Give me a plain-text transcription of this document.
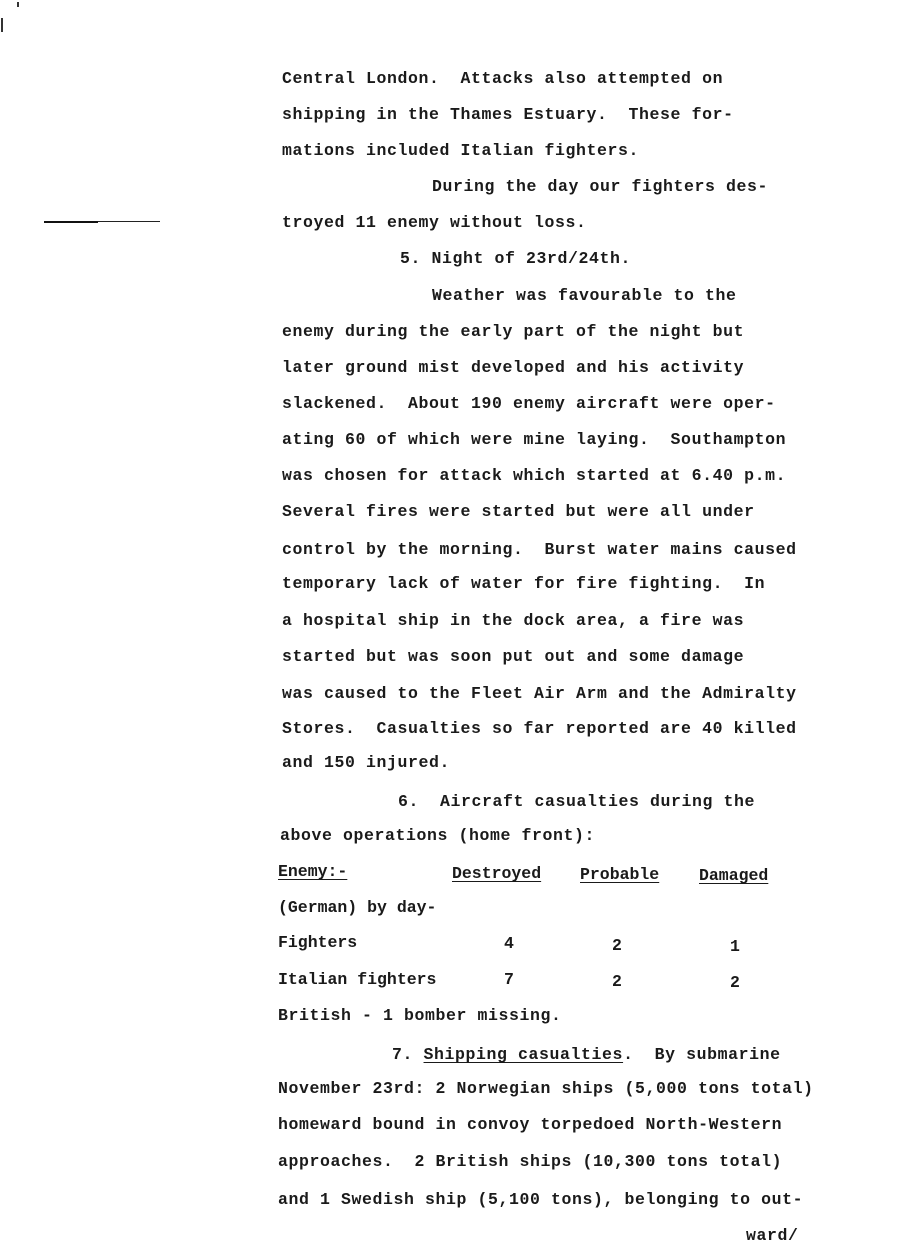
Central London.  Attacks also attempted on
shipping in the Thames Estuary.  These for-
mations included Italian fighters.
During the day our fighters des-
troyed 11 enemy without loss.
5. Night of 23rd/24th.
Weather was favourable to the
enemy during the early part of the night but
later ground mist developed and his activity
slackened.  About 190 enemy aircraft were oper-
ating 60 of which were mine laying.  Southampton
was chosen for attack which started at 6.40 p.m.
Several fires were started but were all under
control by the morning.  Burst water mains caused
temporary lack of water for fire fighting.  In
a hospital ship in the dock area, a fire was
started but was soon put out and some damage
was caused to the Fleet Air Arm and the Admiralty
Stores.  Casualties so far reported are 40 killed
and 150 injured.
6.  Aircraft casualties during the
above operations (home front):
Enemy:-	Destroyed Probable Damaged
(German) by day-
Fighters	4	2	1
Italian fighters	7	2	2
British - 1 bomber missing.
7. Shipping casualties.  By submarine
November 23rd: 2 Norwegian ships (5,000 tons total)
homeward bound in convoy torpedoed North-Western
approaches.  2 British ships (10,300 tons total)
and 1 Swedish ship (5,100 tons), belonging to out-
ward/
